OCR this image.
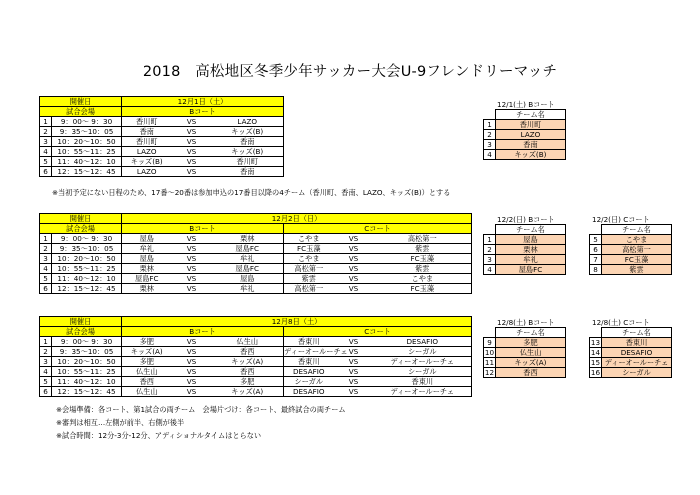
2018　高松地区冬季少年サッカー大会U-9フレンドリーマッチ
開催日		12月1日（土）		
試合会場		Bコート		
1	9：00～ 9：30	香川町	VS	LAZO
2	9：35～10：05	香南	VS	キッズ(B)
3	10：20～10：50	香川町	VS	香南
4	10：55～11：25	LAZO	VS	キッズ(B)
5	11：40～12：10	キッズ(B)	VS	香川町
6	12：15～12：45	LAZO	VS	香南
※当初予定にない日程のため、17番～20番は参加申込の17番目以降の4チーム（香川町、香南、LAZO、キッズ(B)）とする
12/1(土) Bコート
	チーム名
1	香川町
2	LAZO
3	香南
4	キッズ(B)
開催日		12月2日（日）					
試合会場		Bコート			Cコート		
1	9：00～ 9：30	屋島	VS	栗林	こやま	VS	高松第一
2	9：35～10：05	牟礼	VS	屋島FC	FC玉藻	VS	紫雲
3	10：20～10：50	屋島	VS	牟礼	こやま	VS	FC玉藻
4	10：55～11：25	栗林	VS	屋島FC	高松第一	VS	紫雲
5	11：40～12：10	屋島FC	VS	屋島	紫雲	VS	こやま
6	12：15～12：45	栗林	VS	牟礼	高松第一	VS	FC玉藻
12/2(日) Bコート
	チーム名
1	屋島
2	栗林
3	牟礼
4	屋島FC
12/2(日) Cコート
	チーム名
5	こやま
6	高松第一
7	FC玉藻
8	紫雲
開催日		12月8日（土）					
試合会場		Bコート			Cコート		
1	9：00～ 9：30	多肥	VS	仏生山	香東川	VS	DESAFIO
2	9：35～10：05	キッズ(A)	VS	香西	ディーオールーチェ	VS	シーガル
3	10：20～10：50	多肥	VS	キッズ(A)	香東川	VS	ディーオールーチェ
4	10：55～11：25	仏生山	VS	香西	DESAFIO	VS	シーガル
5	11：40～12：10	香西	VS	多肥	シーガル	VS	香東川
6	12：15～12：45	仏生山	VS	キッズ(A)	DESAFIO	VS	ディーオールーチェ
12/8(土) Bコート
	チーム名
9	多肥
10	仏生山
11	キッズ(A)
12	香西
12/8(土) Cコート
	チーム名
13	香東川
14	DESAFIO
15	ディーオールーチェ
16	シーガル
※会場準備：各コート、第1試合の両チーム　会場片づけ：各コート、最終試合の両チーム
※審判は相互…左側が前半、右側が後半
※試合時間：12分-3分-12分、アディショナルタイムはとらない
